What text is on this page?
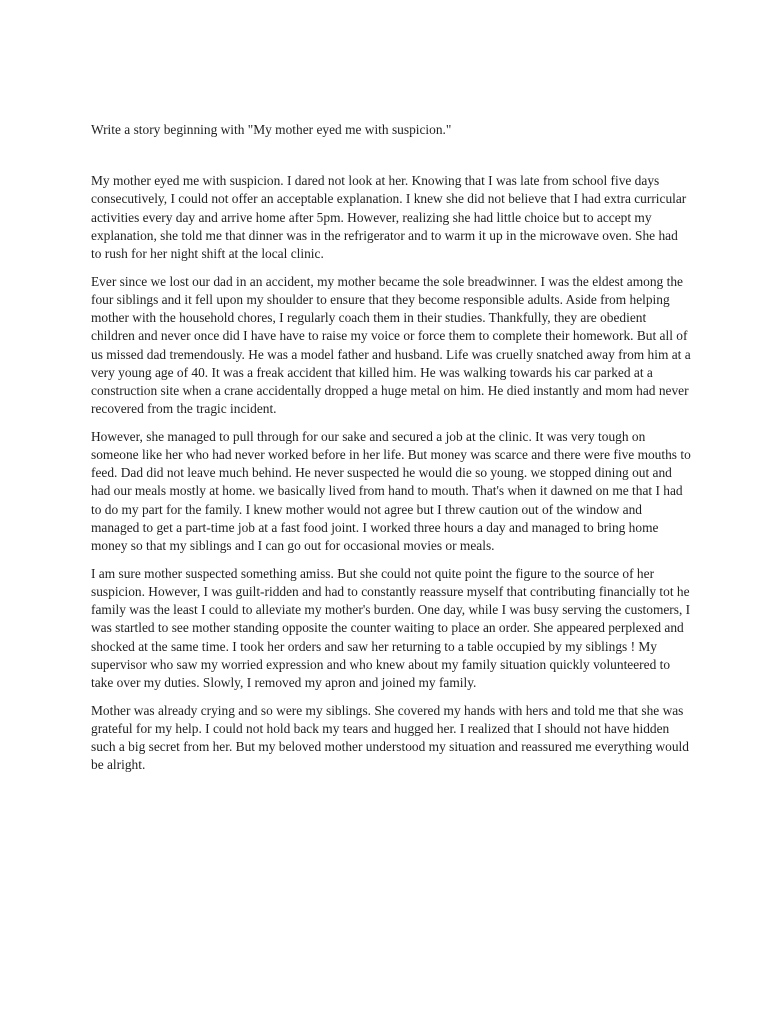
Write a story beginning with "My mother eyed me with suspicion."

My mother eyed me with suspicion. I dared not look at her. Knowing that I was late from school five days consecutively, I could not offer an acceptable explanation. I knew she did not believe that I had extra curricular activities every day and arrive home after 5pm. However, realizing she had little choice but to accept my explanation, she told me that dinner was in the refrigerator and to warm it up in the microwave oven. She had to rush for her night shift at the local clinic.

Ever since we lost our dad in an accident, my mother became the sole breadwinner. I was the eldest among the four siblings and it fell upon my shoulder to ensure that they become responsible adults. Aside from helping mother with the household chores, I regularly coach them in their studies. Thankfully, they are obedient children and never once did I have have to raise my voice or force them to complete their homework. But all of us missed dad tremendously. He was a model father and husband. Life was cruelly snatched away from him at a very young age of 40. It was a freak accident that killed him. He was walking towards his car parked at a construction site when a crane accidentally dropped a huge metal on him. He died instantly and mom had never recovered from the tragic incident.

However, she managed to pull through for our sake and secured a job at the clinic. It was very tough on someone like her who had never worked before in her life. But money was scarce and there were five mouths to feed. Dad did not leave much behind. He never suspected he would die so young. we stopped dining out and had our meals mostly at home. we basically lived from hand to mouth. That's when it dawned on me that I had to do my part for the family. I knew mother would not agree but I threw caution out of the window and managed to get a part-time job at a fast food joint. I worked three hours a day and managed to bring home money so that my siblings and I can go out for occasional movies or meals.

I am sure mother suspected something amiss. But she could not quite point the figure to the source of her suspicion. However, I was guilt-ridden and had to constantly reassure myself that contributing financially tot he family was the least I could to alleviate my mother's burden. One day, while I was busy serving the customers, I was startled to see mother standing opposite the counter waiting to place an order. She appeared perplexed and shocked at the same time. I took her orders and saw her returning to a table occupied by my siblings ! My supervisor who saw my worried expression and who knew about my family situation quickly volunteered to take over my duties. Slowly, I removed my apron and joined my family.

Mother was already crying and so were my siblings. She covered my hands with hers and told me that she was grateful for my help. I could not hold back my tears and hugged her. I realized that I should not have hidden such a big secret from her. But my beloved mother understood my situation and reassured me everything would be alright.
